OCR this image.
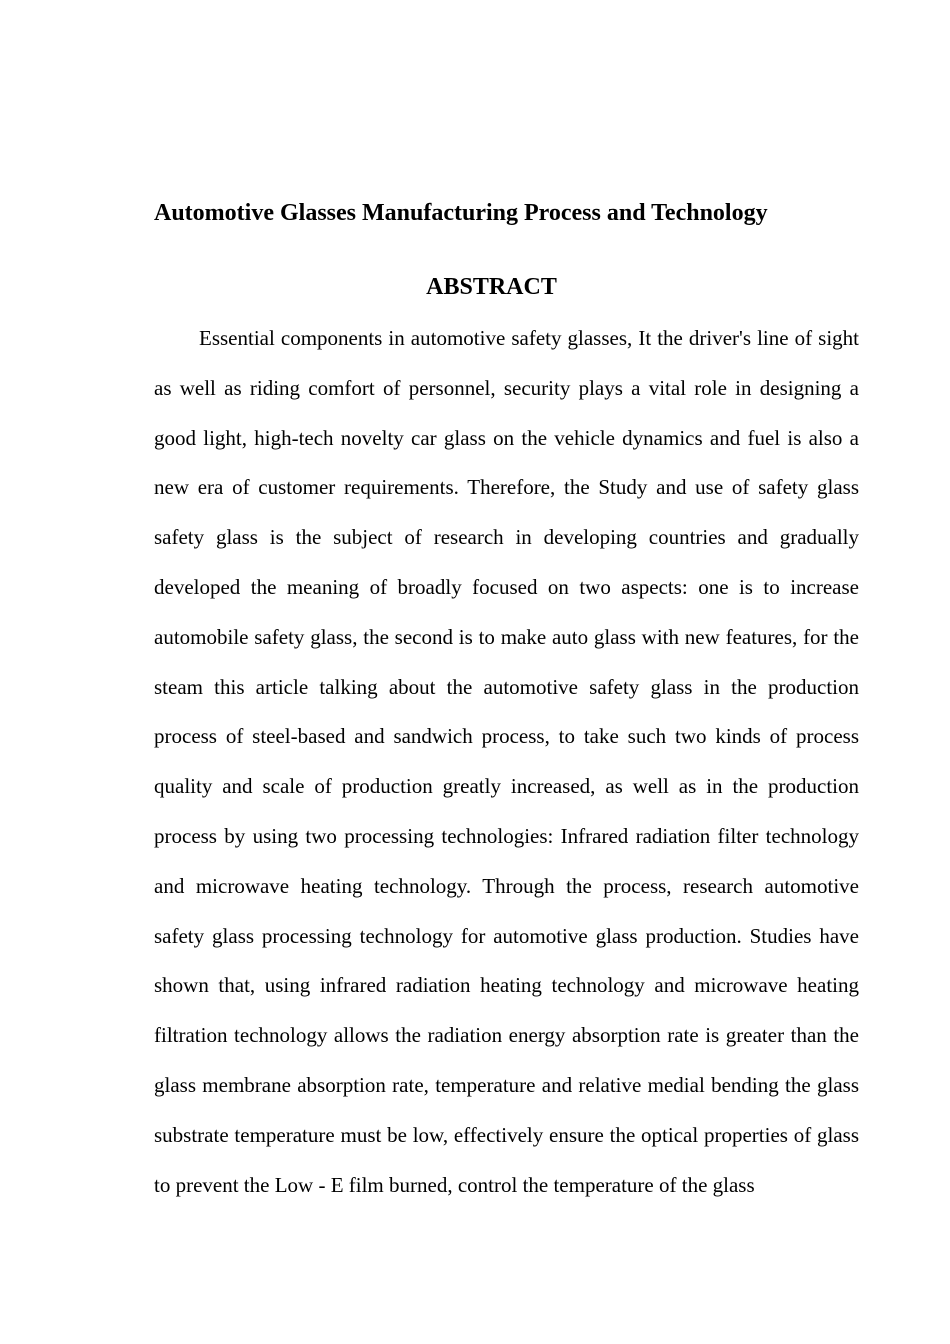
Automotive Glasses Manufacturing Process and Technology
ABSTRACT

Essential components in automotive safety glasses, It the driver's line of sight as well as riding comfort of personnel, security plays a vital role in designing a good light, high-tech novelty car glass on the vehicle dynamics and fuel is also a new era of customer requirements. Therefore, the Study and use of safety glass safety glass is the subject of research in developing countries and gradually developed the meaning of broadly focused on two aspects: one is to increase automobile safety glass, the second is to make auto glass with new features, for the steam this article talking about the automotive safety glass in the production process of steel-based and sandwich process, to take such two kinds of process quality and scale of production greatly increased, as well as in the production process by using two processing technologies: Infrared radiation filter technology and microwave heating technology. Through the process, research automotive safety glass processing technology for automotive glass production. Studies have shown that, using infrared radiation heating technology and microwave heating filtration technology allows the radiation energy absorption rate is greater than the glass membrane absorption rate, temperature and relative medial bending the glass substrate temperature must be low, effectively ensure the optical properties of glass to prevent the Low - E film burned, control the temperature of the glass
